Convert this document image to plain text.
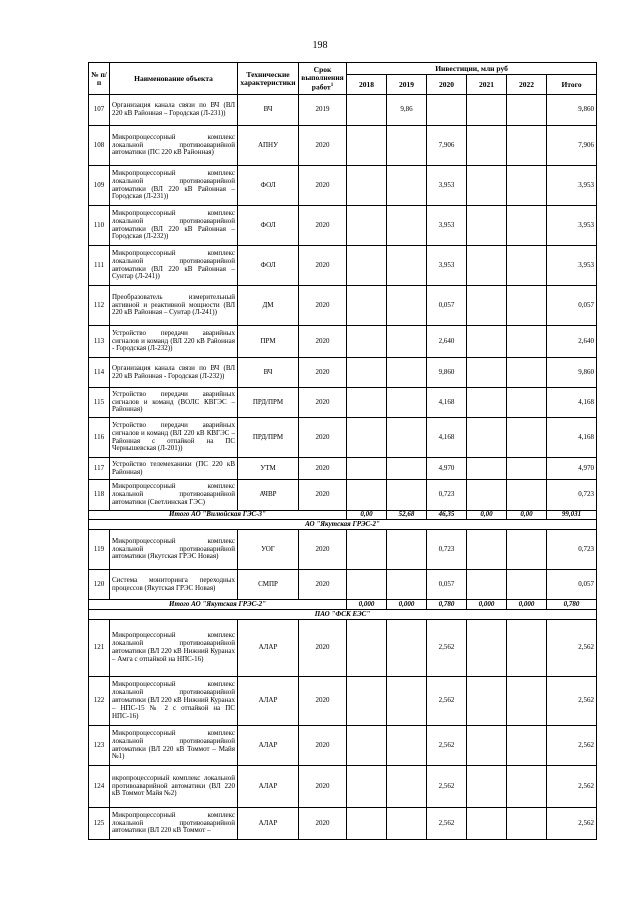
198
№ п/п	Наименование объекта	Технические характеристики	Срок выполнения работ$^1$	Инвестиции, млн руб					
				2018	2019	2020	2021	2022	Итого
107	Организация канала связи по ВЧ (ВЛ 220 кВ Районная – Городская (Л-231))	ВЧ	2019		9,86				9,860
108	Микропроцессорный комплекс локальной противоаварийной автоматики (ПС 220 кВ Районная)	АПНУ	2020			7,906			7,906
109	Микропроцессорный комплекс локальной противоаварийной автоматики (ВЛ 220 кВ Районная – Городская (Л-231))	ФОЛ	2020			3,953			3,953
110	Микропроцессорный комплекс локальной противоаварийной автоматики (ВЛ 220 кВ Районная – Городская (Л-232))	ФОЛ	2020			3,953			3,953
111	Микропроцессорный комплекс локальной противоаварийной автоматики (ВЛ 220 кВ Районная – Сунтар (Л-241))	ФОЛ	2020			3,953			3,953
112	Преобразователь измерительный активной и реактивной мощности (ВЛ 220 кВ Районная – Сунтар (Л-241))	ДМ	2020			0,057			0,057
113	Устройство передачи аварийных сигналов и команд (ВЛ 220 кВ Районная - Городская (Л-232))	ПРМ	2020			2,640			2,640
114	Организация канала связи по ВЧ (ВЛ 220 кВ Районная - Городская (Л-232))	ВЧ	2020			9,860			9,860
115	Устройство передачи аварийных сигналов и команд (ВОЛС КВГЭС – Районная)	ПРД/ПРМ	2020			4,168			4,168
116	Устройство передачи аварийных сигналов и команд (ВЛ 220 кВ КВГЭС – Районная с отпайкой на ПС Чернышевская (Л-201))	ПРД/ПРМ	2020			4,168			4,168
117	Устройство телемеханики (ПС 220 кВ Районная)	УТМ	2020			4,970			4,970
118	Микропроцессорный комплекс локальной противоаварийной автоматики (Светлинская ГЭС)	АЧВР	2020			0,723			0,723
Итого АО "Вилюйская ГЭС-3"				0,00	52,68	46,35	0,00	0,00	99,031
АО "Якутская ГРЭС-2"									
119	Микропроцессорный комплекс локальной противоаварийной автоматики (Якутская ГРЭС Новая)	УОГ	2020			0,723			0,723
120	Система мониторинга переходных процессов (Якутская ГРЭС Новая)	СМПР	2020			0,057			0,057
Итого АО "Якутская ГРЭС-2"				0,000	0,000	0,780	0,000	0,000	0,780
ПАО "ФСК ЕЭС"									
121	Микропроцессорный комплекс локальной противоаварийной автоматики (ВЛ 220 кВ Нижний Куранах – Амга с отпайкой на НПС-16)	АЛАР	2020			2,562			2,562
122	Микропроцессорный комплекс локальной противоаварийной автоматики (ВЛ 220 кВ Нижний Куранах – НПС-15 № 2 с отпайкой на ПС НПС-16)	АЛАР	2020			2,562			2,562
123	Микропроцессорный комплекс локальной противоаварийной автоматики (ВЛ 220 кВ Томмот – Майя №1)	АЛАР	2020			2,562			2,562
124	икропроцессорный комплекс локальной противоаварийной автоматики (ВЛ 220 кВ Томмот Майя №2)	АЛАР	2020			2,562			2,562
125	Микропроцессорный комплекс локальной противоаварийной автоматики (ВЛ 220 кВ Томмот –	АЛАР	2020			2,562			2,562
